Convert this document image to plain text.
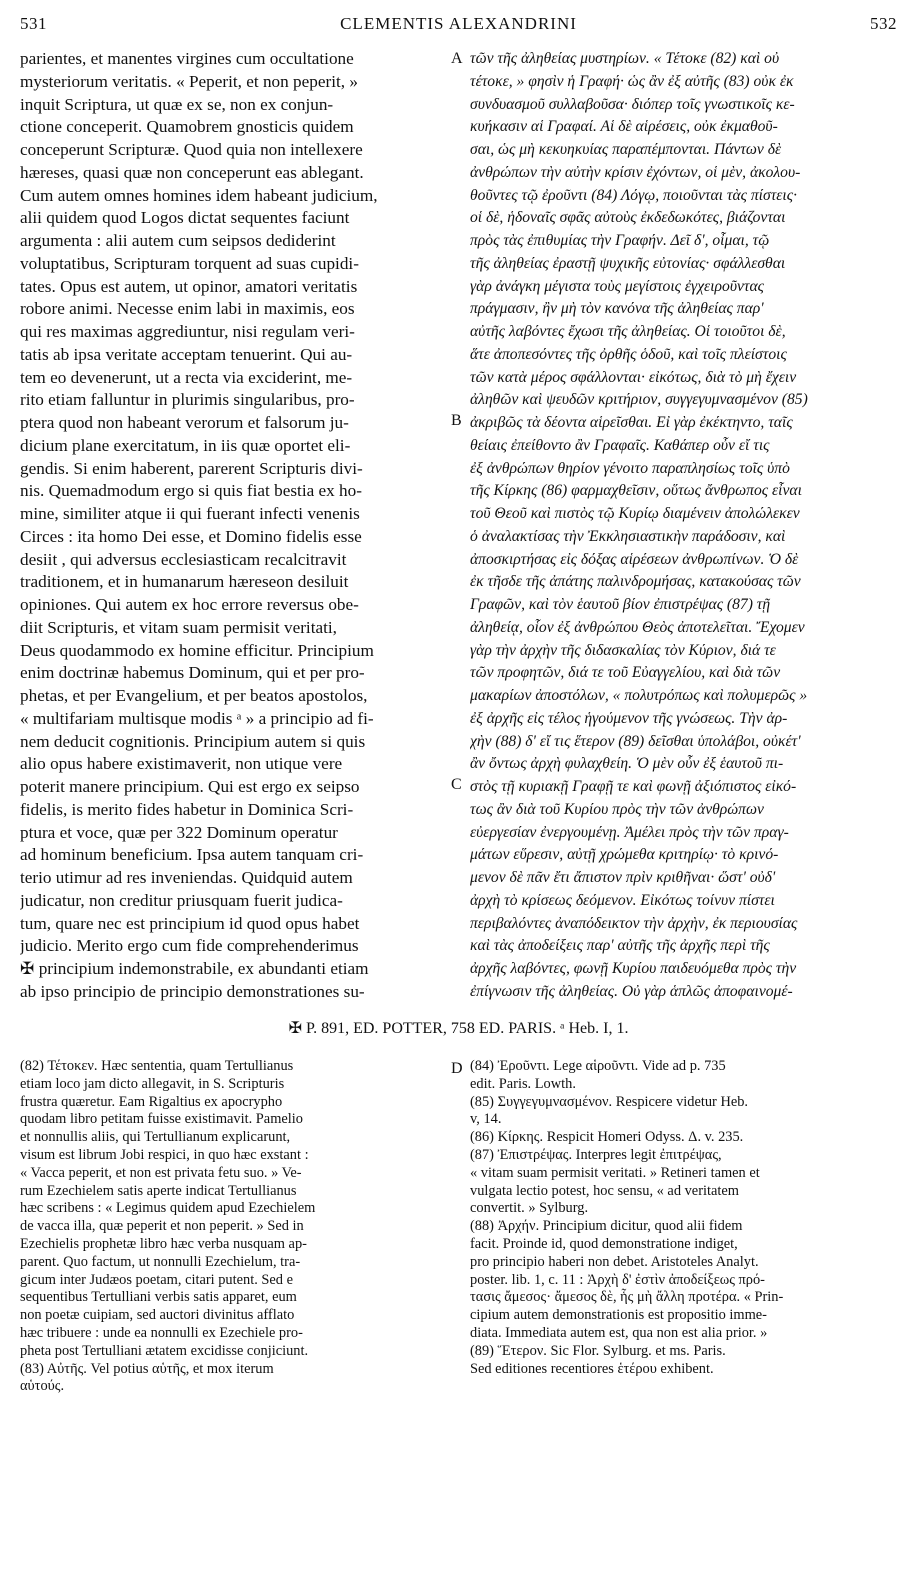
531	CLEMENTIS ALEXANDRINI	532

parientes, et manentes virgines cum occultatione

mysteriorum veritatis. « Peperit, et non peperit, »

inquit Scriptura, ut quæ ex se, non ex conjun-

ctione conceperit. Quamobrem gnosticis quidem

conceperunt Scripturæ. Quod quia non intellexere

hæreses, quasi quæ non conceperunt eas ablegant.

Cum autem omnes homines idem habeant judicium,

alii quidem quod Logos dictat sequentes faciunt

argumenta : alii autem cum seipsos dediderint

voluptatibus, Scripturam torquent ad suas cupidi-

tates. Opus est autem, ut opinor, amatori veritatis

robore animi. Necesse enim labi in maximis, eos

qui res maximas aggrediuntur, nisi regulam veri-

tatis ab ipsa veritate acceptam tenuerint. Qui au-

tem eo devenerunt, ut a recta via exciderint, me-

rito etiam falluntur in plurimis singularibus, pro-

ptera quod non habeant verorum et falsorum ju-

dicium plane exercitatum, in iis quæ oportet eli-

gendis. Si enim haberent, parerent Scripturis divi-

nis. Quemadmodum ergo si quis fiat bestia ex ho-

mine, similiter atque ii qui fuerant infecti venenis

Circes : ita homo Dei esse, et Domino fidelis esse

desiit , qui adversus ecclesiasticam recalcitravit

traditionem, et in humanarum hæreseon desiluit

opiniones. Qui autem ex hoc errore reversus obe-

diit Scripturis, et vitam suam permisit veritati,

Deus quodammodo ex homine efficitur. Principium

enim doctrinæ habemus Dominum, qui et per pro-

phetas, et per Evangelium, et per beatos apostolos,

« multifariam multisque modis ᵃ » a principio ad fi-

nem deducit cognitionis. Principium autem si quis

alio opus habere existimaverit, non utique vere

poterit manere principium. Qui est ergo ex seipso

fidelis, is merito fides habetur in Dominica Scri-

ptura et voce, quæ per 322 Dominum operatur

ad hominum beneficium. Ipsa autem tanquam cri-

terio utimur ad res inveniendas. Quidquid autem

judicatur, non creditur priusquam fuerit judica-

tum, quare nec est principium id quod opus habet

judicio. Merito ergo cum fide comprehenderimus

✠ principium indemonstrabile, ex abundanti etiam

ab ipso principio de principio demonstrationes su-

τῶν τῆς ἀληθείας μυστηρίων. « Τέτοκε (82) καὶ οὐ

τέτοκε, » φησὶν ἡ Γραφή· ὡς ἂν ἐξ αὐτῆς (83) οὐκ ἐκ

συνδυασμοῦ συλλαβοῦσα· διόπερ τοῖς γνωστικοῖς κε-

κυήκασιν αἱ Γραφαί. Αἱ δὲ αἱρέσεις, οὐκ ἐκμαθοῦ-

σαι, ὡς μὴ κεκυηκυίας παραπέμπονται. Πάντων δὲ

ἀνθρώπων τὴν αὐτὴν κρίσιν ἐχόντων, οἱ μὲν, ἀκολου-

θοῦντες τῷ ἐροῦντι (84) Λόγῳ, ποιοῦνται τὰς πίστεις·

οἱ δὲ, ἡδοναῖς σφᾶς αὐτοὺς ἐκδεδωκότες, βιάζονται

πρὸς τὰς ἐπιθυμίας τὴν Γραφήν. Δεῖ δ', οἶμαι, τῷ

τῆς ἀληθείας ἐραστῇ ψυχικῆς εὐτονίας· σφάλλεσθαι

γὰρ ἀνάγκη μέγιστα τοὺς μεγίστοις ἐγχειροῦντας

πράγμασιν, ἢν μὴ τὸν κανόνα τῆς ἀληθείας παρ'

αὐτῆς λαβόντες ἔχωσι τῆς ἀληθείας. Οἱ τοιοῦτοι δὲ,

ἅτε ἀποπεσόντες τῆς ὀρθῆς ὁδοῦ, καὶ τοῖς πλείστοις

τῶν κατὰ μέρος σφάλλονται· εἰκότως, διὰ τὸ μὴ ἔχειν

ἀληθῶν καὶ ψευδῶν κριτήριον, συγγεγυμνασμένον (85)

ἀκριβῶς τὰ δέοντα αἱρεῖσθαι. Εἰ γὰρ ἐκέκτηντο, ταῖς

θείαις ἐπείθοντο ἂν Γραφαῖς. Καθάπερ οὖν εἴ τις

ἐξ ἀνθρώπων θηρίον γένοιτο παραπλησίως τοῖς ὑπὸ

τῆς Κίρκης (86) φαρμαχθεῖσιν, οὕτως ἄνθρωπος εἶναι

τοῦ Θεοῦ καὶ πιστὸς τῷ Κυρίῳ διαμένειν ἀπολώλεκεν

ὁ ἀναλακτίσας τὴν Ἐκκλησιαστικὴν παράδοσιν, καὶ

ἀποσκιρτήσας εἰς δόξας αἱρέσεων ἀνθρωπίνων. Ὁ δὲ

ἐκ τῆσδε τῆς ἀπάτης παλινδρομήσας, κατακούσας τῶν

Γραφῶν, καὶ τὸν ἑαυτοῦ βίον ἐπιστρέψας (87) τῇ

ἀληθείᾳ, οἷον ἐξ ἀνθρώπου Θεὸς ἀποτελεῖται. Ἔχομεν

γὰρ τὴν ἀρχὴν τῆς διδασκαλίας τὸν Κύριον, διά τε

τῶν προφητῶν, διά τε τοῦ Εὐαγγελίου, καὶ διὰ τῶν

μακαρίων ἀποστόλων, « πολυτρόπως καὶ πολυμερῶς »

ἐξ ἀρχῆς εἰς τέλος ἡγούμενον τῆς γνώσεως. Τὴν ἀρ-

χὴν (88) δ' εἴ τις ἕτερον (89) δεῖσθαι ὑπολάβοι, οὐκέτ'

ἂν ὄντως ἀρχὴ φυλαχθείη. Ὁ μὲν οὖν ἐξ ἑαυτοῦ πι-

στὸς τῇ κυριακῇ Γραφῇ τε καὶ φωνῇ ἀξιόπιστος εἰκό-

τως ἂν διὰ τοῦ Κυρίου πρὸς τὴν τῶν ἀνθρώπων

εὐεργεσίαν ἐνεργουμένῃ. Ἀμέλει πρὸς τὴν τῶν πραγ-

μάτων εὕρεσιν, αὐτῇ χρώμεθα κριτηρίῳ· τὸ κρινό-

μενον δὲ πᾶν ἔτι ἄπιστον πρὶν κριθῆναι· ὥστ' οὐδ'

ἀρχὴ τὸ κρίσεως δεόμενον. Εἰκότως τοίνυν πίστει

περιβαλόντες ἀναπόδεικτον τὴν ἀρχὴν, ἐκ περιουσίας

καὶ τὰς ἀποδείξεις παρ' αὐτῆς τῆς ἀρχῆς περὶ τῆς

ἀρχῆς λαβόντες, φωνῇ Κυρίου παιδευόμεθα πρὸς τὴν

ἐπίγνωσιν τῆς ἀληθείας. Οὐ γὰρ ἁπλῶς ἀποφαινομέ-

A
B
C
D
✠ P. 891, ED. POTTER, 758 ED. PARIS. ᵃ Heb. I, 1.

(82) Τέτοκεν. Hæc sententia, quam Tertullianus

etiam loco jam dicto allegavit, in S. Scripturis

frustra quæretur. Eam Rigaltius ex apocrypho

quodam libro petitam fuisse existimavit. Pamelio

et nonnullis aliis, qui Tertullianum explicarunt,

visum est librum Jobi respici, in quo hæc exstant :

« Vacca peperit, et non est privata fetu suo. » Ve-

rum Ezechielem satis aperte indicat Tertullianus

hæc scribens : « Legimus quidem apud Ezechielem

de vacca illa, quæ peperit et non peperit. » Sed in

Ezechielis prophetæ libro hæc verba nusquam ap-

parent. Quo factum, ut nonnulli Ezechielum, tra-

gicum inter Judæos poetam, citari putent. Sed e

sequentibus Tertulliani verbis satis apparet, eum

non poetæ cuipiam, sed auctori divinitus afflato

hæc tribuere : unde ea nonnulli ex Ezechiele pro-

pheta post Tertulliani ætatem excidisse conjiciunt.

(83) Αὐτῆς. Vel potius αὑτῆς, et mox iterum

αὑτούς.

(84) Ἐροῦντι. Lege αἱροῦντι. Vide ad p. 735

edit. Paris. Lowth.

(85) Συγγεγυμνασμένον. Respicere videtur Heb.

v, 14.

(86) Κίρκης. Respicit Homeri Odyss. Δ. v. 235.

(87) Ἐπιστρέψας. Interpres legit ἐπιτρέψας,

« vitam suam permisit veritati. » Retineri tamen et

vulgata lectio potest, hoc sensu, « ad veritatem

convertit. » Sylburg.

(88) Ἀρχήν. Principium dicitur, quod alii fidem

facit. Proinde id, quod demonstratione indiget,

pro principio haberi non debet. Aristoteles Analyt.

poster. lib. 1, c. 11 : Ἀρχὴ δ' ἐστὶν ἀποδείξεως πρό-

τασις ἄμεσος· ἄμεσος δὲ, ἧς μὴ ἄλλη προτέρα. « Prin-

cipium autem demonstrationis est propositio imme-

diata. Immediata autem est, qua non est alia prior. »

(89) Ἕτερον. Sic Flor. Sylburg. et ms. Paris.

Sed editiones recentiores ἑτέρου exhibent.
